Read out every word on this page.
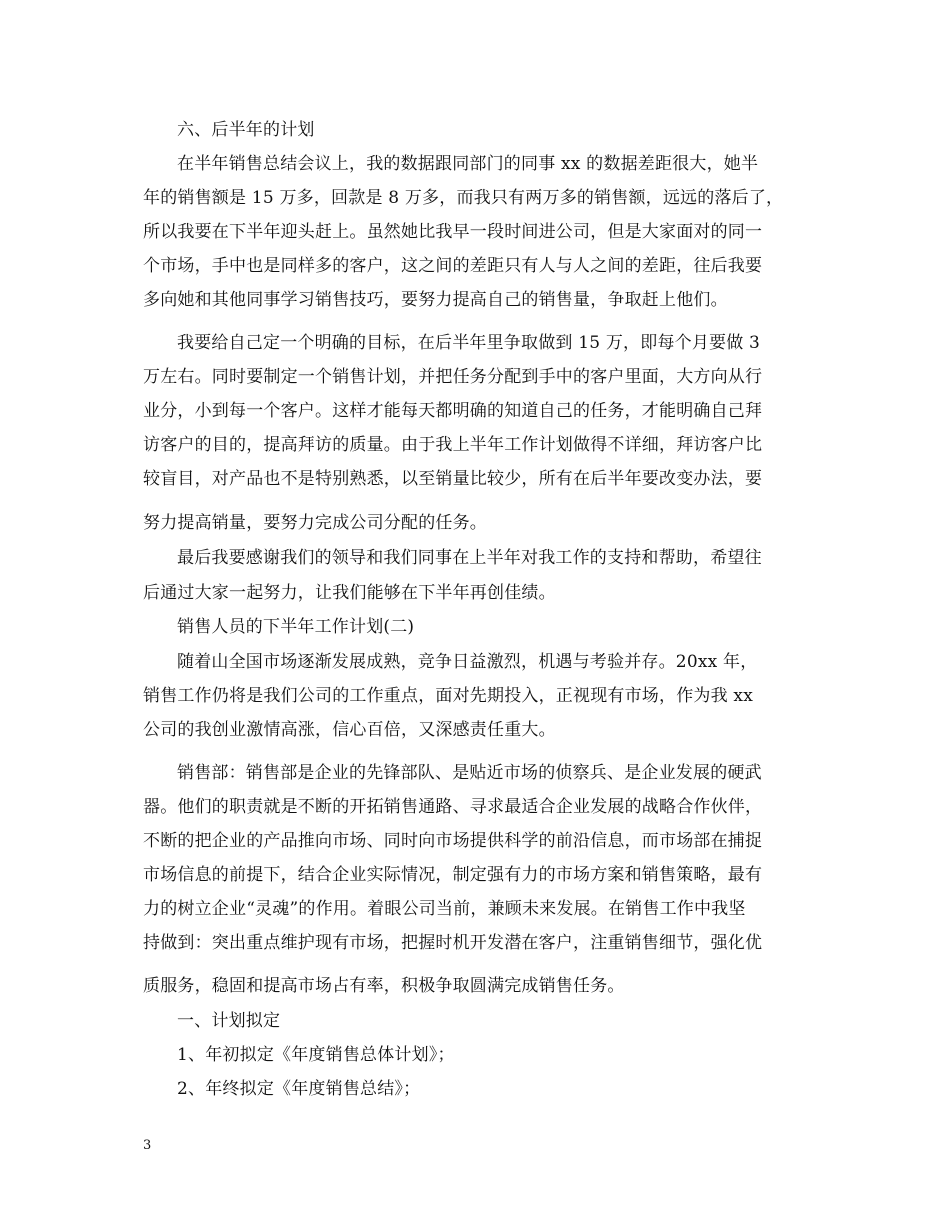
六、后半年的计划
在半年销售总结会议上，我的数据跟同部门的同事 xx 的数据差距很大，她半
年的销售额是 15 万多，回款是 8 万多，而我只有两万多的销售额，远远的落后了，
所以我要在下半年迎头赶上。虽然她比我早一段时间进公司，但是大家面对的同一
个市场，手中也是同样多的客户，这之间的差距只有人与人之间的差距，往后我要
多向她和其他同事学习销售技巧，要努力提高自己的销售量，争取赶上他们。
我要给自己定一个明确的目标，在后半年里争取做到 15 万，即每个月要做 3
万左右。同时要制定一个销售计划，并把任务分配到手中的客户里面，大方向从行
业分，小到每一个客户。这样才能每天都明确的知道自己的任务，才能明确自己拜
访客户的目的，提高拜访的质量。由于我上半年工作计划做得不详细，拜访客户比
较盲目，对产品也不是特别熟悉，以至销量比较少，所有在后半年要改变办法，要
努力提高销量，要努力完成公司分配的任务。
最后我要感谢我们的领导和我们同事在上半年对我工作的支持和帮助，希望往
后通过大家一起努力，让我们能够在下半年再创佳绩。
销售人员的下半年工作计划(二)
随着山全国市场逐渐发展成熟，竞争日益激烈，机遇与考验并存。20xx 年，
销售工作仍将是我们公司的工作重点，面对先期投入，正视现有市场，作为我 xx
公司的我创业激情高涨，信心百倍，又深感责任重大。
销售部：销售部是企业的先锋部队、是贴近市场的侦察兵、是企业发展的硬武
器。他们的职责就是不断的开拓销售通路、寻求最适合企业发展的战略合作伙伴，
不断的把企业的产品推向市场、同时向市场提供科学的前沿信息，而市场部在捕捉
市场信息的前提下，结合企业实际情况，制定强有力的市场方案和销售策略，最有
力的树立企业“灵魂”的作用。着眼公司当前，兼顾未来发展。在销售工作中我坚
持做到：突出重点维护现有市场，把握时机开发潜在客户，注重销售细节，强化优
质服务，稳固和提高市场占有率，积极争取圆满完成销售任务。
一、计划拟定
1、年初拟定《年度销售总体计划》；
2、年终拟定《年度销售总结》；
3
